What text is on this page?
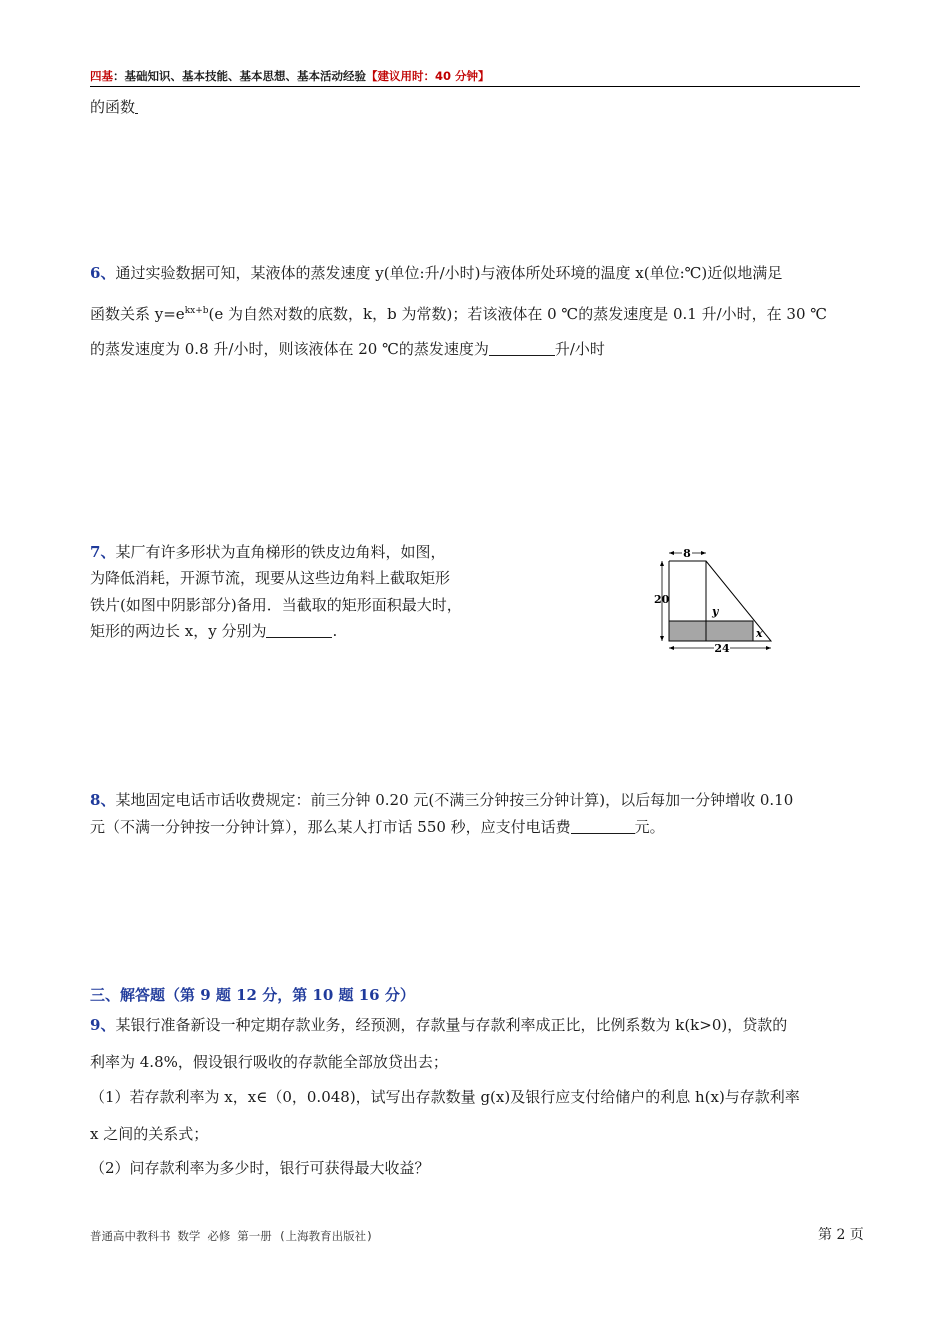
四基：基础知识、基本技能、基本思想、基本活动经验【建议用时：40 分钟】
的函数
6、通过实验数据可知，某液体的蒸发速度 y(单位:升/小时)与液体所处环境的温度 x(单位:℃)近似地满足
函数关系 $y=e^{kx+b}(e$ 为自然对数的底数，k，b 为常数)；若该液体在 0 ℃的蒸发速度是 0.1 升/小时，在 30 ℃
的蒸发速度为 0.8 升/小时，则该液体在 20 ℃的蒸发速度为	升/小时
7、某厂有许多形状为直角梯形的铁皮边角料，如图，
为降低消耗，开源节流，现要从这些边角料上截取矩形
铁片(如图中阴影部分)备用．当截取的矩形面积最大时，
矩形的两边长 x，y 分别为	.
8
20
24
y
x
8、某地固定电话市话收费规定：前三分钟 0.20 元(不满三分钟按三分钟计算)，以后每加一分钟增收 0.10
元（不满一分钟按一分钟计算），那么某人打市话 550 秒，应支付电话费	元。
三、解答题（第 9 题 12 分，第 10 题 16 分）
9、某银行准备新设一种定期存款业务，经预测，存款量与存款利率成正比，比例系数为 k(k>0)，贷款的
利率为 4.8%，假设银行吸收的存款能全部放贷出去；
（1）若存款利率为 x，x∈（0，0.048)，试写出存款数量 g(x)及银行应支付给储户的利息 h(x)与存款利率
x 之间的关系式；
（2）问存款利率为多少时，银行可获得最大收益？
普通高中教科书 数学 必修 第一册 (上海教育出版社)	第 2 页
